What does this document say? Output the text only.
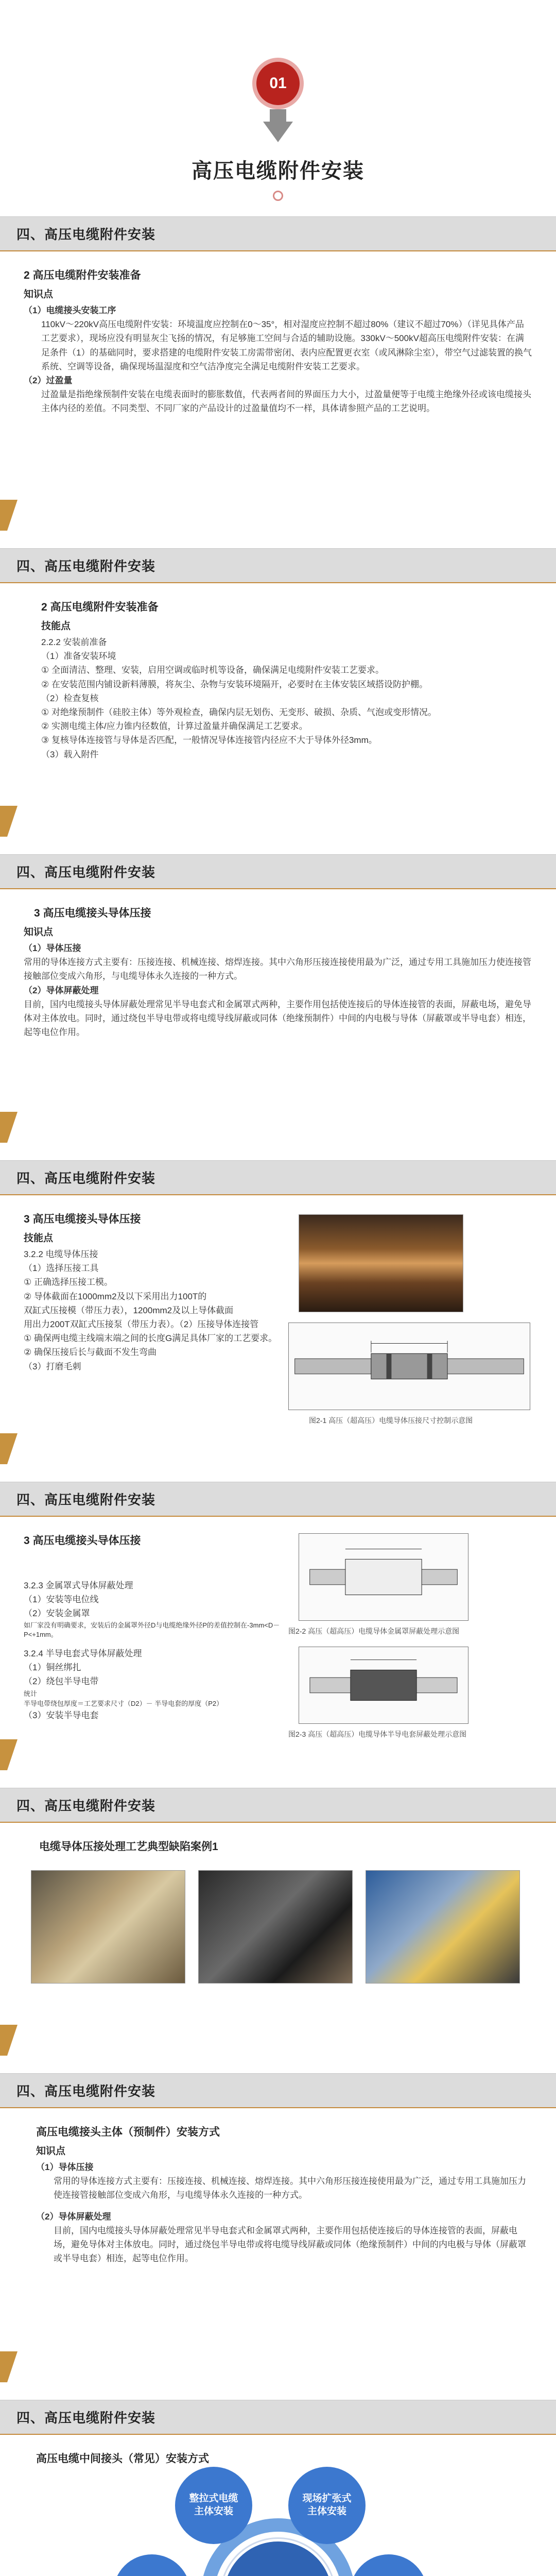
01
高压电缆附件安装
四、高压电缆附件安装
2 高压电缆附件安装准备
知识点

（1）电缆接头安装工序

110kV～220kV高压电缆附件安装：环境温度应控制在0～35°，相对湿度应控制不超过80%（建议不超过70%）（详见具体产品工艺要求），现场应没有明显灰尘飞扬的情况，有足够施工空间与合适的辅助设施。330kV～500kV超高压电缆附件安装：在满足条件（1）的基础同时，要求搭建的电缆附件安装工房需带密闭、表内应配置更衣室（或风淋除尘室），带空气过滤装置的换气系统、空调等设备，确保现场温湿度和空气洁净度完全满足电缆附件安装工艺要求。

（2）过盈量

过盈量是指绝缘预制件安装在电缆表面时的膨胀数值，代表两者间的界面压力大小，过盈量便等于电缆主绝缘外径或该电缆接头主体内径的差值。不同类型、不同厂家的产品设计的过盈量值均不一样，具体请参照产品的工艺说明。

四、高压电缆附件安装
2 高压电缆附件安装准备
技能点
2.2.2 安装前准备
（1）准备安装环境
① 全面清洁、整理、安装，启用空调或临时机等设备，确保满足电缆附件安装工艺要求。
② 在安装范围内铺设新料薄膜，将灰尘、杂物与安装环境隔开，必要时在主体安装区域搭设防护棚。
（2）检查复核
① 对绝缘预制件（硅胶主体）等外观检查，确保内层无划伤、无变形、破损、杂质、气泡或变形情况。
② 实测电缆主体/应力锥内径数值，计算过盈量并确保满足工艺要求。
③ 复核导体连接管与导体是否匹配，一般情况导体连接管内径应不大于导体外径3mm。
（3）载入附件
四、高压电缆附件安装
3 高压电缆接头导体压接
知识点

（1）导体压接

常用的导体连接方式主要有：压接连接、机械连接、熔焊连接。其中六角形压接连接使用最为广泛，通过专用工具施加压力使连接管接触部位变成六角形，与电缆导体永久连接的一种方式。

（2）导体屏蔽处理

目前，国内电缆接头导体屏蔽处理常见半导电套式和金属罩式两种，主要作用包括使连接后的导体连接管的表面，屏蔽电场，避免导体对主体放电。同时，通过绕包半导电带或将电缆导线屏蔽或同体（绝缘预制件）中间的内电极与导体（屏蔽罩或半导电套）相连，起等电位作用。

四、高压电缆附件安装
3 高压电缆接头导体压接
技能点
3.2.2 电缆导体压接
（1）选择压接工具
① 正确选择压接工模。
② 导体截面在1000mm2及以下采用出力100T的
双缸式压接模（带压力表），1200mm2及以上导体截面
用出力200T双缸式压接泵（带压力表）。（2）压接导体连接管
① 确保两电缆主线端末端之间的长度G满足具体厂家的工艺要求。
② 确保压接后长与截面不发生弯曲
（3）打磨毛刺
图2-1 高压（超高压）电缆导体压接尺寸控制示意图
四、高压电缆附件安装
3 高压电缆接头导体压接
3.2.3 金属罩式导体屏蔽处理
（1）安装等电位线
（2）安装金属罩
如厂家没有明确要求，安装后的金属罩外径D与电缆绝缘外径P的差值控制在-3mm<D－P<+1mm。
3.2.4 半导电套式导体屏蔽处理
（1）铜丝绑扎
（2）绕包半导电带
统计
半导电带绕包厚度＝工艺要求尺寸（D2）－ 半导电套的厚度（P2）
（3）安装半导电套
图2-2 高压（超高压）电缆导体金属罩屏蔽处理示意图
图2-3 高压（超高压）电缆导体半导电套屏蔽处理示意图
四、高压电缆附件安装
电缆导体压接处理工艺典型缺陷案例1
四、高压电缆附件安装
高压电缆接头主体（预制件）安装方式
知识点

（1）导体压接

常用的导体连接方式主要有：压接连接、机械连接、熔焊连接。其中六角形压接连接使用最为广泛，通过专用工具施加压力使连接管接触部位变成六角形，与电缆导体永久连接的一种方式。

（2）导体屏蔽处理

目前，国内电缆接头导体屏蔽处理常见半导电套式和金属罩式两种，主要作用包括使连接后的导体连接管的表面，屏蔽电场，避免导体对主体放电。同时，通过绕包半导电带或将电缆导线屏蔽或同体（绝缘预制件）中间的内电极与导体（屏蔽罩或半导电套）相连，起等电位作用。

四、高压电缆附件安装
高压电缆中间接头（常见）安装方式
整拉式电缆主体安装
现场扩张式主体安装
